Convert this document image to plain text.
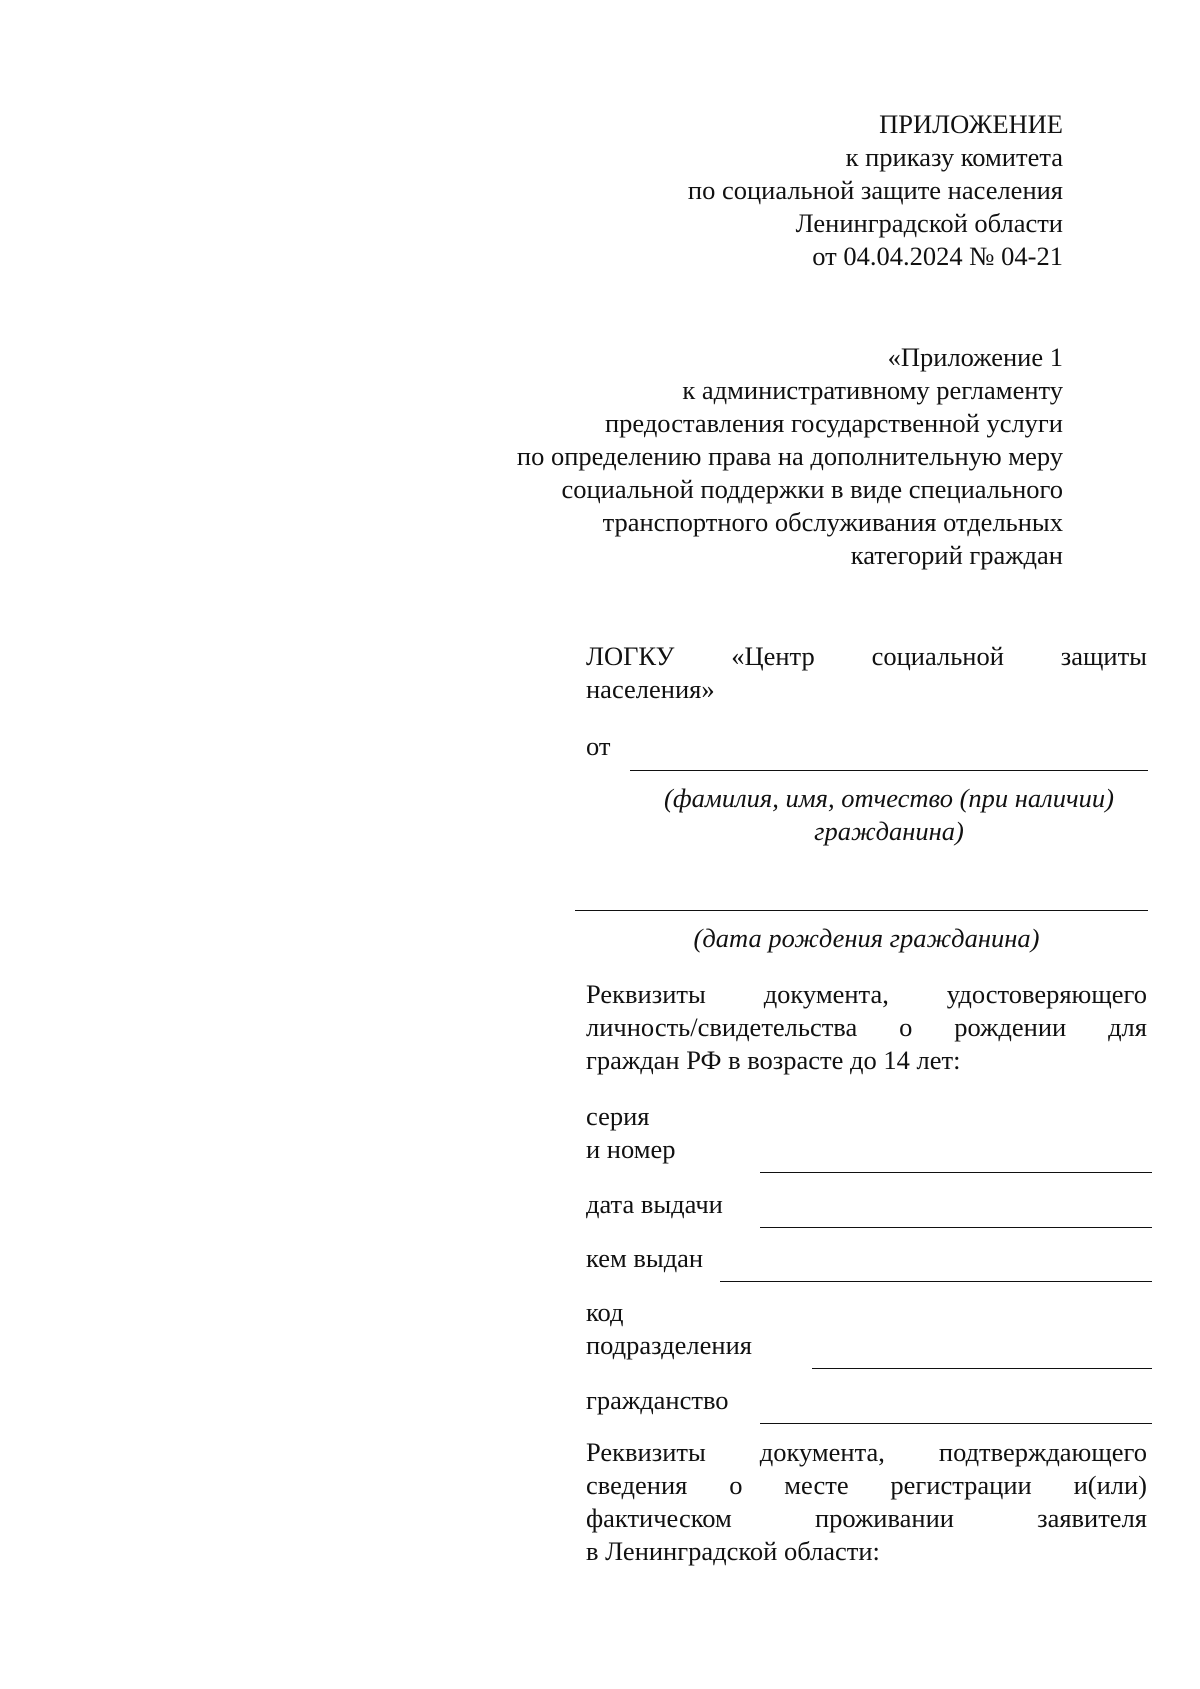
ПРИЛОЖЕНИЕ
к приказу комитета
по социальной защите населения
Ленинградской области
от 04.04.2024 № 04-21
«Приложение 1
к административному регламенту
предоставления государственной услуги
по определению права на дополнительную меру
социальной поддержки в виде специального
транспортного обслуживания отдельных
категорий граждан
ЛОГКУ «Центр социальной защиты
населения»
от
(фамилия, имя, отчество (при наличии)
гражданина)
(дата рождения гражданина)
Реквизиты документа, удостоверяющего
личность/свидетельства о рождении для
граждан РФ в возрасте до 14 лет:
серия
и номер
дата выдачи
кем выдан
код
подразделения
гражданство
Реквизиты документа, подтверждающего
сведения о месте регистрации и(или)
фактическом	проживании	заявителя
в Ленинградской области:
